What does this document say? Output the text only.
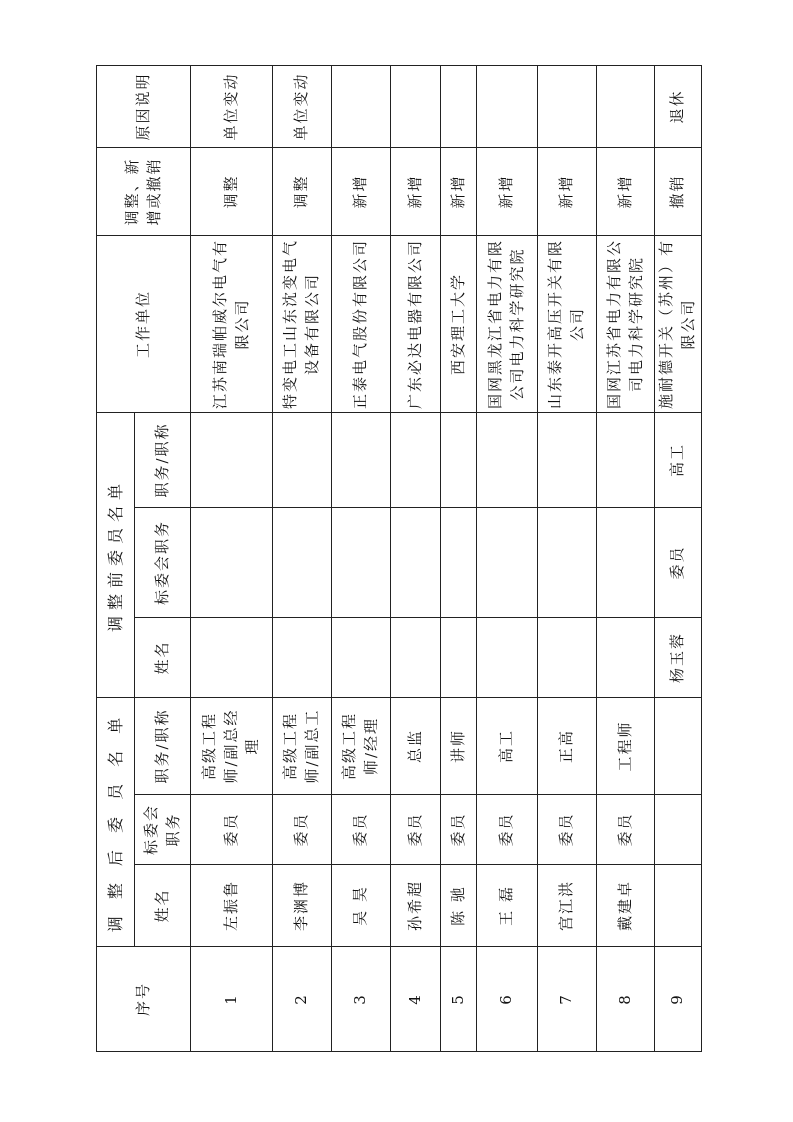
序号	调 整 后 委 员 名 单			调整前委员名单			工作单位	调整、新增或撤销	原因说明
	姓名	标委会职务	职务/职称	姓名	标委会职务	职务/职称			
1	左振鲁	委员	高级工程师/副总经理				江苏南瑞帕威尔电气有限公司	调整	单位变动
2	李渊博	委员	高级工程师/副总工				特变电工山东沈变电气设备有限公司	调整	单位变动
3	吴 昊	委员	高级工程师/经理				正泰电气股份有限公司	新增	
4	孙希超	委员	总监				广东必达电器有限公司	新增	
5	陈 驰	委员	讲师				西安理工大学	新增	
6	王 磊	委员	高工				国网黑龙江省电力有限公司电力科学研究院	新增	
7	宫江洪	委员	正高				山东泰开高压开关有限公司	新增	
8	戴建卓	委员	工程师				国网江苏省电力有限公司电力科学研究院	新增	
9				杨玉蓉	委员	高工	施耐德开关（苏州）有限公司	撤销	退休
